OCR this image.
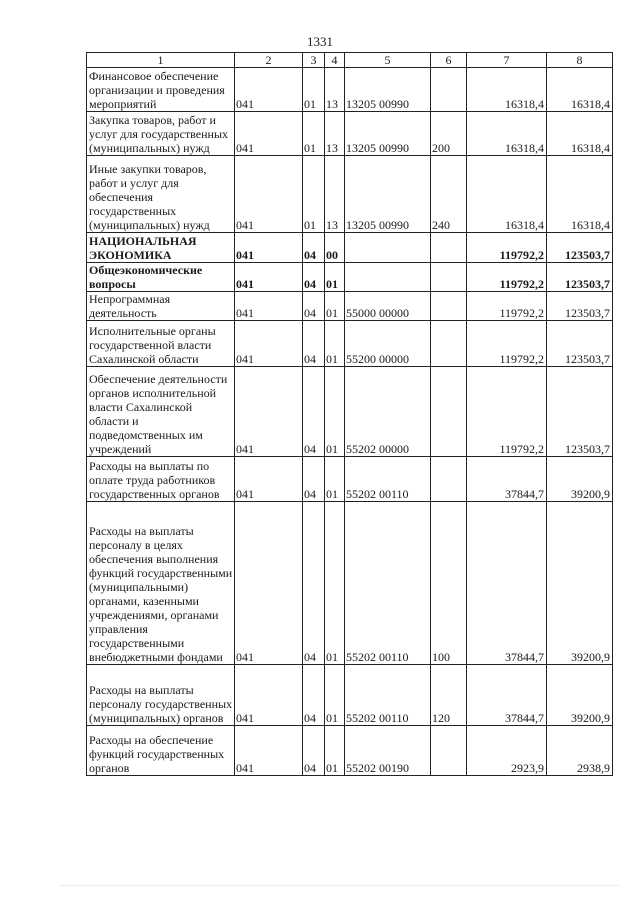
1331
1	2	3	4	5	6	7	8
Финансовое обеспечение организации и проведения мероприятий	041	01	13	13205 00990		16318,4	16318,4
Закупка товаров, работ и услуг для государственных (муниципальных) нужд	041	01	13	13205 00990	200	16318,4	16318,4
Иные закупки товаров, работ и услуг для обеспечения государственных (муниципальных) нужд	041	01	13	13205 00990	240	16318,4	16318,4
НАЦИОНАЛЬНАЯ ЭКОНОМИКА	041	04	00			119792,2	123503,7
Общеэкономические вопросы	041	04	01			119792,2	123503,7
Непрограммная деятельность	041	04	01	55000 00000		119792,2	123503,7
Исполнительные органы государственной власти Сахалинской области	041	04	01	55200 00000		119792,2	123503,7
Обеспечение деятельности органов исполнительной власти Сахалинской области и подведомственных им учреждений	041	04	01	55202 00000		119792,2	123503,7
Расходы на выплаты по оплате труда работников государственных органов	041	04	01	55202 00110		37844,7	39200,9
Расходы на выплаты персоналу в целях обеспечения выполнения функций государственными (муниципальными) органами, казенными учреждениями, органами управления государственными внебюджетными фондами	041	04	01	55202 00110	100	37844,7	39200,9
Расходы на выплаты персоналу государственных (муниципальных) органов	041	04	01	55202 00110	120	37844,7	39200,9
Расходы на обеспечение функций государственных органов	041	04	01	55202 00190		2923,9	2938,9
